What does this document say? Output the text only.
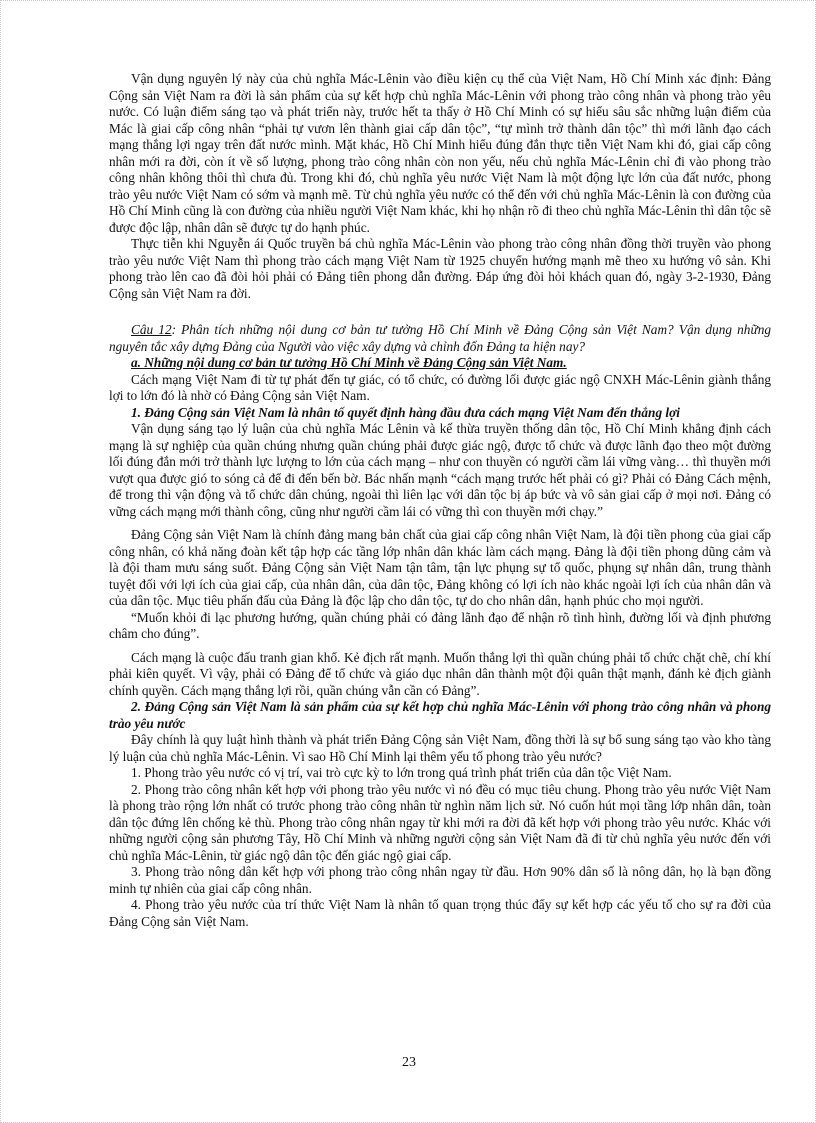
Vận dụng nguyên lý này của chủ nghĩa Mác-Lênin vào điều kiện cụ thể của Việt Nam, Hồ Chí Minh xác định: Đảng Cộng sản Việt Nam ra đời là sản phẩm của sự kết hợp chủ nghĩa Mác-Lênin với phong trào công nhân và phong trào yêu nước. Có luận điểm sáng tạo và phát triển này, trước hết ta thấy ở Hồ Chí Minh có sự hiểu sâu sắc những luận điểm của Mác là giai cấp công nhân “phải tự vươn lên thành giai cấp dân tộc”, “tự mình trở thành dân tộc” thì mới lãnh đạo cách mạng thắng lợi ngay trên đất nước mình. Mặt khác, Hồ Chí Minh hiểu đúng đắn thực tiễn Việt Nam khi đó, giai cấp công nhân mới ra đời, còn ít về số lượng, phong trào công nhân còn non yếu, nếu chủ nghĩa Mác-Lênin chỉ đi vào phong trào công nhân không thôi thì chưa đủ. Trong khi đó, chủ nghĩa yêu nước Việt Nam là một động lực lớn của đất nước, phong trào yêu nước Việt Nam có sớm và mạnh mẽ. Từ chủ nghĩa yêu nước có thể đến với chủ nghĩa Mác-Lênin là con đường của Hồ Chí Minh cũng là con đường của nhiều người Việt Nam khác, khi họ nhận rõ đi theo chủ nghĩa Mác-Lênin thì dân tộc sẽ được độc lập, nhân dân sẽ được tự do hạnh phúc.

Thực tiễn khi Nguyễn ái Quốc truyền bá chủ nghĩa Mác-Lênin vào phong trào công nhân đồng thời truyền vào phong trào yêu nước Việt Nam thì phong trào cách mạng Việt Nam từ 1925 chuyển hướng mạnh mẽ theo xu hướng vô sản. Khi phong trào lên cao đã đòi hỏi phải có Đảng tiên phong dẫn đường. Đáp ứng đòi hỏi khách quan đó, ngày 3-2-1930, Đảng Cộng sản Việt Nam ra đời.

Câu 12: Phân tích những nội dung cơ bản tư tưởng Hồ Chí Minh về Đảng Cộng sản Việt Nam? Vận dụng những nguyên tắc xây dựng Đảng của Người vào việc xây dựng và chỉnh đốn Đảng ta hiện nay?

a. Những nội dung cơ bản tư tưởng Hồ Chí Minh về Đảng Cộng sản Việt Nam.

Cách mạng Việt Nam đi từ tự phát đến tự giác, có tổ chức, có đường lối được giác ngộ CNXH Mác-Lênin giành thắng lợi to lớn đó là nhờ có Đảng Cộng sản Việt Nam.

1. Đảng Cộng sản Việt Nam là nhân tố quyết định hàng đầu đưa cách mạng Việt Nam đến thắng lợi

Vận dụng sáng tạo lý luận của chủ nghĩa Mác Lênin và kế thừa truyền thống dân tộc, Hồ Chí Minh khẳng định cách mạng là sự nghiệp của quần chúng nhưng quần chúng phải được giác ngộ, được tổ chức và được lãnh đạo theo một đường lối đúng đắn mới trở thành lực lượng to lớn của cách mạng – như con thuyền có người cầm lái vững vàng… thì thuyền mới vượt qua được gió to sóng cả để đi đến bến bờ. Bác nhấn mạnh “cách mạng trước hết phải có gì? Phải có Đảng Cách mệnh, để trong thì vận động và tổ chức dân chúng, ngoài thì liên lạc với dân tộc bị áp bức và vô sản giai cấp ở mọi nơi. Đảng có vững cách mạng mới thành công, cũng như người cầm lái có vững thì con thuyền mới chạy.”

Đảng Cộng sản Việt Nam là chính đảng mang bản chất của giai cấp công nhân Việt Nam, là đội tiền phong của giai cấp công nhân, có khả năng đoàn kết tập hợp các tầng lớp nhân dân khác làm cách mạng. Đảng là đội tiền phong dũng cảm và là đội tham mưu sáng suốt. Đảng Cộng sản Việt Nam tận tâm, tận lực phụng sự tổ quốc, phụng sự nhân dân, trung thành tuyệt đối với lợi ích của giai cấp, của nhân dân, của dân tộc, Đảng không có lợi ích nào khác ngoài lợi ích của nhân dân và của dân tộc. Mục tiêu phấn đấu của Đảng là độc lập cho dân tộc, tự do cho nhân dân, hạnh phúc cho mọi người.

“Muốn khỏi đi lạc phương hướng, quần chúng phải có đảng lãnh đạo để nhận rõ tình hình, đường lối và định phương châm cho đúng”.

Cách mạng là cuộc đấu tranh gian khổ. Kẻ địch rất mạnh. Muốn thắng lợi thì quần chúng phải tổ chức chặt chẽ, chí khí phải kiên quyết. Vì vậy, phải có Đảng để tổ chức và giáo dục nhân dân thành một đội quân thật mạnh, đánh kẻ địch giành chính quyền. Cách mạng thắng lợi rồi, quần chúng vẫn cần có Đảng”.

2. Đảng Cộng sản Việt Nam là sản phẩm của sự kết hợp chủ nghĩa Mác-Lênin với phong trào công nhân và phong trào yêu nước

Đây chính là quy luật hình thành và phát triển Đảng Cộng sản Việt Nam, đồng thời là sự bổ sung sáng tạo vào kho tàng lý luận của chủ nghĩa Mác-Lênin. Vì sao Hồ Chí Minh lại thêm yếu tố phong trào yêu nước?

1. Phong trào yêu nước có vị trí, vai trò cực kỳ to lớn trong quá trình phát triển của dân tộc Việt Nam.

2. Phong trào công nhân kết hợp với phong trào yêu nước vì nó đều có mục tiêu chung. Phong trào yêu nước Việt Nam là phong trào rộng lớn nhất có trước phong trào công nhân từ nghìn năm lịch sử. Nó cuốn hút mọi tầng lớp nhân dân, toàn dân tộc đứng lên chống kẻ thù. Phong trào công nhân ngay từ khi mới ra đời đã kết hợp với phong trào yêu nước. Khác với những người cộng sản phương Tây, Hồ Chí Minh và những người cộng sản Việt Nam đã đi từ chủ nghĩa yêu nước đến với chủ nghĩa Mác-Lênin, từ giác ngộ dân tộc đến giác ngộ giai cấp.

3. Phong trào nông dân kết hợp với phong trào công nhân ngay từ đầu. Hơn 90% dân số là nông dân, họ là bạn đồng minh tự nhiên của giai cấp công nhân.

4. Phong trào yêu nước của trí thức Việt Nam là nhân tố quan trọng thúc đẩy sự kết hợp các yếu tố cho sự ra đời của Đảng Cộng sản Việt Nam.

23
